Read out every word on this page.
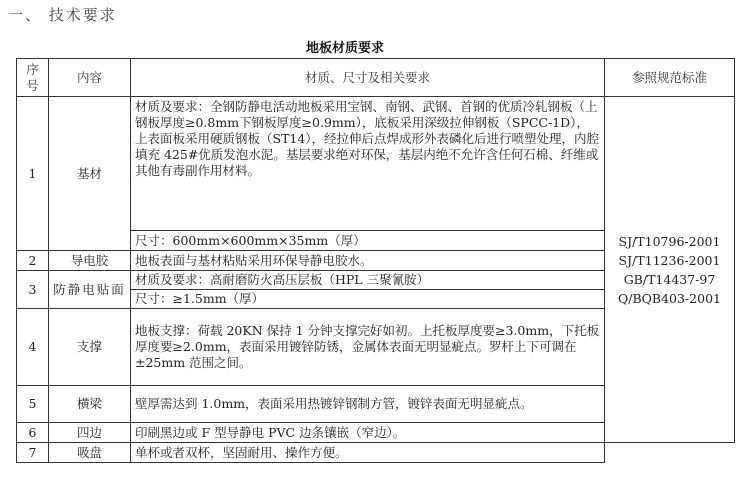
一、 技术要求
地板材质要求
序号	内容	材质、尺寸及相关要求	参照规范标准
1	基材	材质及要求：全钢防静电活动地板采用宝钢、南钢、武钢、首钢的优质冷轧钢板（上钢板厚度≥0.8mm下钢板厚度≥0.9mm），底板采用深级拉伸钢板（SPCC-1D），上表面板采用硬质钢板（ST14），经拉伸后点焊成形外表磷化后进行喷塑处理，内腔填充 425#优质发泡水泥。基层要求绝对环保，基层内绝不允许含任何石棉、纤维或其他有毒副作用材料。	SJ/T10796-2001
SJ/T11236-2001
GB/T14437-97
Q/BQB403-2001

		尺寸：600mm×600mm×35mm（厚）	
2	导电胶	地板表面与基材粘贴采用环保导静电胶水。	
3	防静电贴面	材质及要求：高耐磨防火高压层板（HPL 三聚氰胺）	
		尺寸：≥1.5mm（厚）	
4	支撑	地板支撑：荷载 20KN 保持 1 分钟支撑完好如初。上托板厚度要≥3.0mm，下托板厚度要≥2.0mm，表面采用镀锌防锈，金属体表面无明显疵点。罗杆上下可调在±25mm 范围之间。	
5	横梁	壁厚需达到 1.0mm，表面采用热镀锌钢制方管，镀锌表面无明显疵点。	
6	四边	印刷黑边或 F 型导静电 PVC 边条镶嵌（窄边）。	
7	吸盘	单杯或者双杯，坚固耐用、操作方便。	
